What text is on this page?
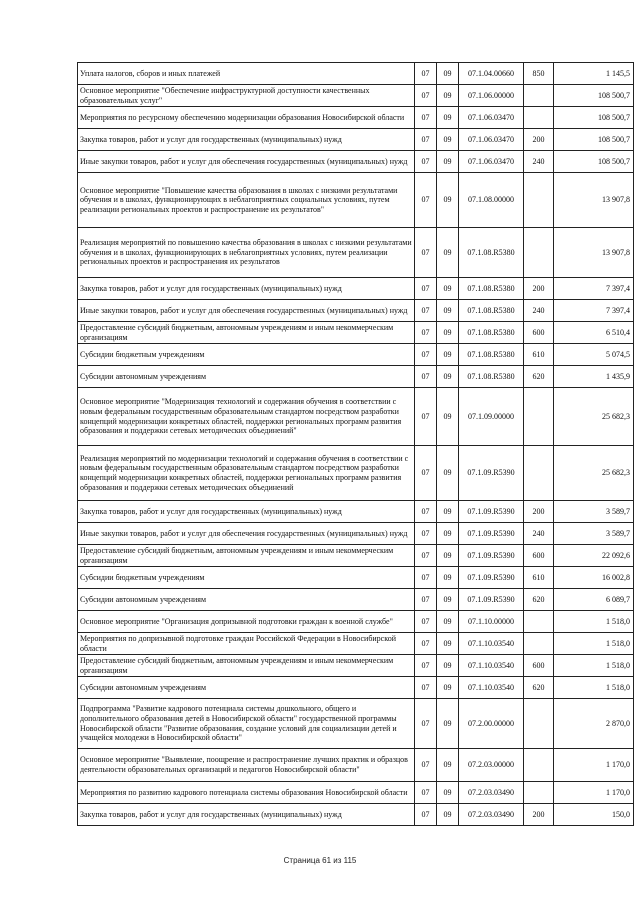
Уплата налогов, сборов и иных платежей	07	09	07.1.04.00660	850	1 145,5
Основное мероприятие "Обеспечение инфраструктурной доступности качественных образовательных услуг"	07	09	07.1.06.00000		108 500,7
Мероприятия по ресурсному обеспечению модернизации образования Новосибирской области	07	09	07.1.06.03470		108 500,7
Закупка товаров, работ и услуг для государственных (муниципальных) нужд	07	09	07.1.06.03470	200	108 500,7
Иные закупки товаров, работ и услуг для обеспечения государственных (муниципальных) нужд	07	09	07.1.06.03470	240	108 500,7
Основное мероприятие "Повышение качества образования в школах с низкими результатами обучения и в школах, функционирующих в неблагоприятных социальных условиях, путем реализации региональных проектов и распространение их результатов"	07	09	07.1.08.00000		13 907,8
Реализация мероприятий по повышению качества образования в школах с низкими результатами обучения и в школах, функционирующих в неблагоприятных условиях, путем реализации региональных проектов и распространения их результатов	07	09	07.1.08.R5380		13 907,8
Закупка товаров, работ и услуг для государственных (муниципальных) нужд	07	09	07.1.08.R5380	200	7 397,4
Иные закупки товаров, работ и услуг для обеспечения государственных (муниципальных) нужд	07	09	07.1.08.R5380	240	7 397,4
Предоставление субсидий бюджетным, автономным учреждениям и иным некоммерческим организациям	07	09	07.1.08.R5380	600	6 510,4
Субсидии бюджетным учреждениям	07	09	07.1.08.R5380	610	5 074,5
Субсидии автономным учреждениям	07	09	07.1.08.R5380	620	1 435,9
Основное мероприятие "Модернизация технологий и содержания обучения в соответствии с новым федеральным государственным образовательным стандартом посредством разработки концепций модернизации конкретных областей, поддержки региональных программ развития образования и поддержки сетевых методических объединений"	07	09	07.1.09.00000		25 682,3
Реализация мероприятий по модернизации технологий и содержания обучения в соответствии с новым федеральным государственным образовательным стандартом посредством разработки концепций модернизации конкретных областей, поддержки региональных программ развития образования и поддержки сетевых методических объединений	07	09	07.1.09.R5390		25 682,3
Закупка товаров, работ и услуг для государственных (муниципальных) нужд	07	09	07.1.09.R5390	200	3 589,7
Иные закупки товаров, работ и услуг для обеспечения государственных (муниципальных) нужд	07	09	07.1.09.R5390	240	3 589,7
Предоставление субсидий бюджетным, автономным учреждениям и иным некоммерческим организациям	07	09	07.1.09.R5390	600	22 092,6
Субсидии бюджетным учреждениям	07	09	07.1.09.R5390	610	16 002,8
Субсидии автономным учреждениям	07	09	07.1.09.R5390	620	6 089,7
Основное мероприятие "Организация допризывной подготовки граждан к военной службе"	07	09	07.1.10.00000		1 518,0
Мероприятия по допризывной подготовке граждан Российской Федерации в Новосибирской области	07	09	07.1.10.03540		1 518,0
Предоставление субсидий бюджетным, автономным учреждениям и иным некоммерческим организациям	07	09	07.1.10.03540	600	1 518,0
Субсидии автономным учреждениям	07	09	07.1.10.03540	620	1 518,0
Подпрограмма "Развитие кадрового потенциала системы дошкольного, общего и дополнительного образования детей в Новосибирской области" государственной программы Новосибирской области "Развитие образования, создание условий для социализации детей и учащейся молодежи в Новосибирской области"	07	09	07.2.00.00000		2 870,0
Основное мероприятие "Выявление, поощрение и распространение лучших практик и образцов деятельности образовательных организаций и педагогов Новосибирской области"	07	09	07.2.03.00000		1 170,0
Мероприятия по развитию кадрового потенциала системы образования Новосибирской области	07	09	07.2.03.03490		1 170,0
Закупка товаров, работ и услуг для государственных (муниципальных) нужд	07	09	07.2.03.03490	200	150,0
Страница 61 из 115
